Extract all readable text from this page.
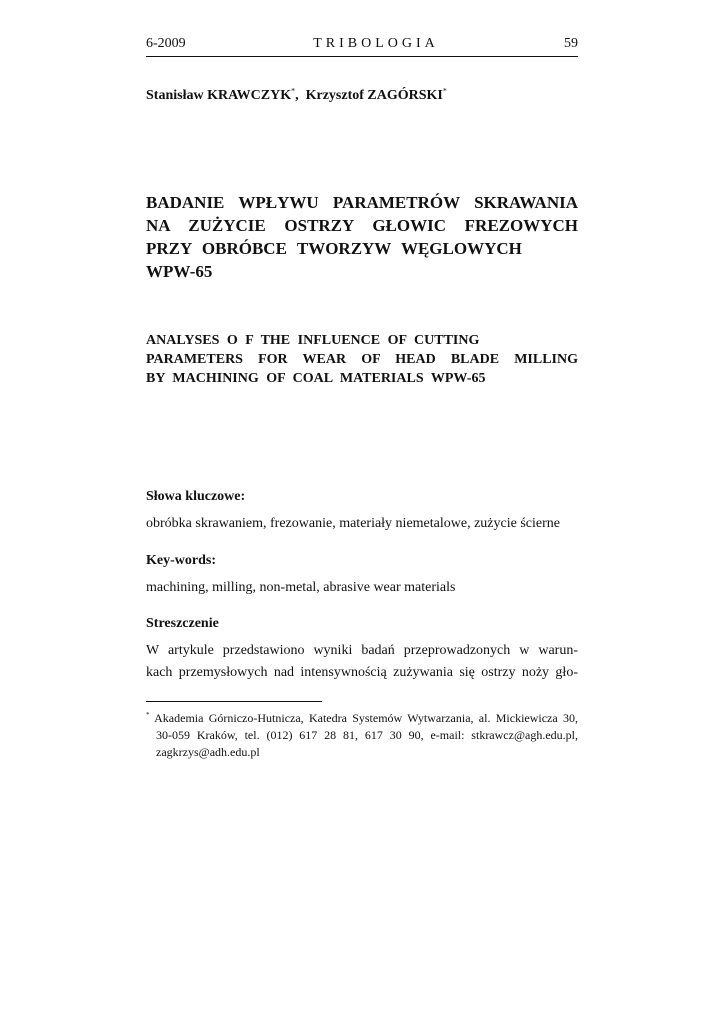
6-2009	TRIBOLOGIA	59
Stanisław KRAWCZYK*, Krzysztof ZAGÓRSKI*
BADANIE WPŁYWU PARAMETRÓW SKRAWANIA
NA ZUŻYCIE OSTRZY GŁOWIC FREZOWYCH
PRZY OBRÓBCE TWORZYW WĘGLOWYCH
WPW-65
ANALYSES O F THE INFLUENCE OF CUTTING
PARAMETERS FOR WEAR OF HEAD BLADE MILLING
BY MACHINING OF COAL MATERIALS WPW-65
Słowa kluczowe:
obróbka skrawaniem, frezowanie, materiały niemetalowe, zużycie ścierne
Key-words:
machining, milling, non-metal, abrasive wear materials
Streszczenie
W artykule przedstawiono wyniki badań przeprowadzonych w warun-
kach przemysłowych nad intensywnością zużywania się ostrzy noży gło-
* Akademia Górniczo-Hutnicza, Katedra Systemów Wytwarzania, al. Mickiewicza 30,
30-059 Kraków, tel. (012) 617 28 81, 617 30 90, e-mail: stkrawcz@agh.edu.pl,
zagkrzys@adh.edu.pl
